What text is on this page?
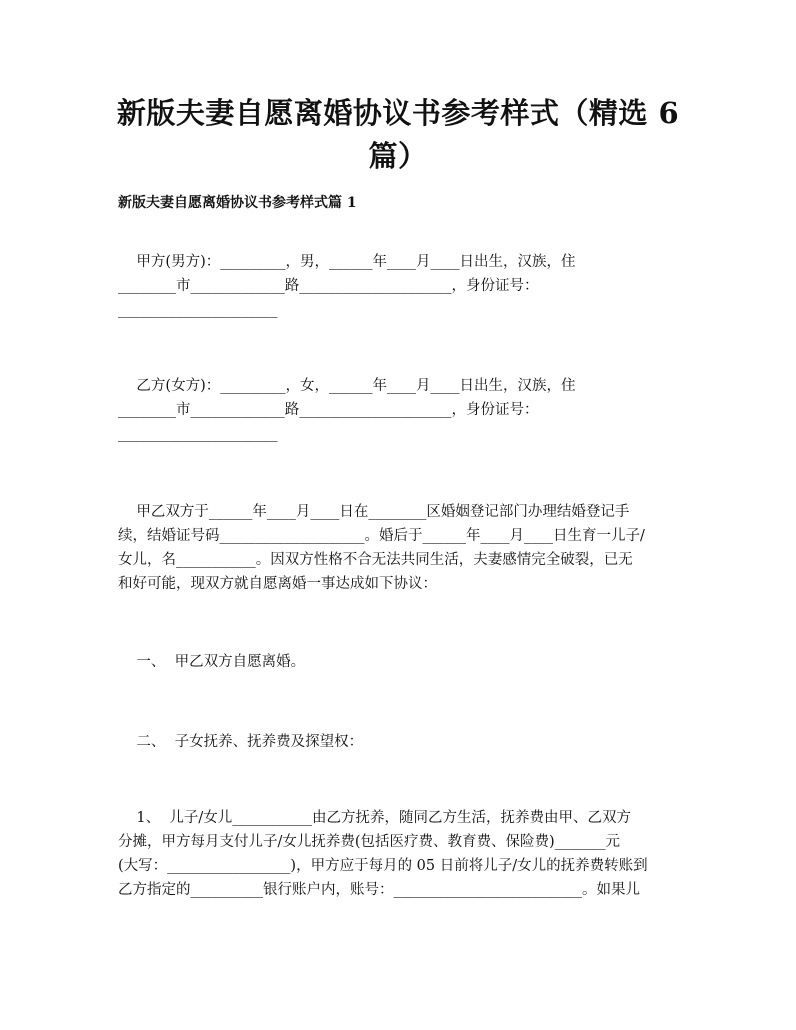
新版夫妻自愿离婚协议书参考样式（精选 6
篇）
新版夫妻自愿离婚协议书参考样式篇 1
甲方(男方)：_________，男，______年____月____日出生，汉族，住
________市_____________路_____________________，身份证号：
______________________
乙方(女方)：_________，女，______年____月____日出生，汉族，住
________市_____________路_____________________，身份证号：
______________________
甲乙双方于______年____月____日在________区婚姻登记部门办理结婚登记手
续，结婚证号码____________________。婚后于______年____月____日生育一儿子/
女儿，名___________。因双方性格不合无法共同生活，夫妻感情完全破裂，已无
和好可能，现双方就自愿离婚一事达成如下协议：
一、  甲乙双方自愿离婚。
二、  子女抚养、抚养费及探望权：
1、  儿子/女儿___________由乙方抚养，随同乙方生活，抚养费由甲、乙双方
分摊，甲方每月支付儿子/女儿抚养费(包括医疗费、教育费、保险费)_______元
(大写：_________________)，甲方应于每月的 05 日前将儿子/女儿的抚养费转账到
乙方指定的__________银行账户内，账号：__________________________。如果儿
